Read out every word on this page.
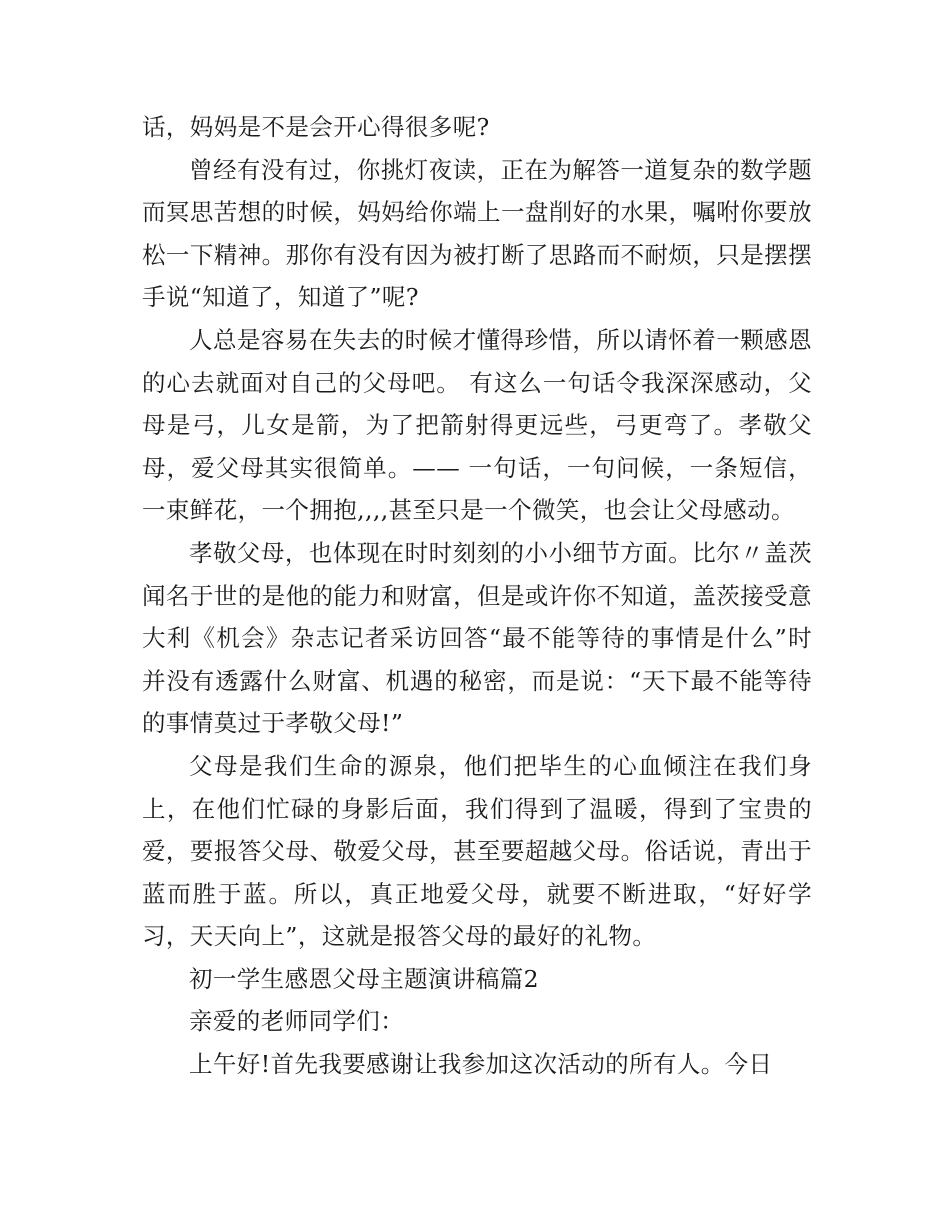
话，妈妈是不是会开心得很多呢?

曾经有没有过，你挑灯夜读，正在为解答一道复杂的数学题而冥思苦想的时候，妈妈给你端上一盘削好的水果，嘱咐你要放松一下精神。那你有没有因为被打断了思路而不耐烦，只是摆摆手说“知道了，知道了”呢?

人总是容易在失去的时候才懂得珍惜，所以请怀着一颗感恩的心去就面对自己的父母吧。 有这么一句话令我深深感动，父母是弓，儿女是箭，为了把箭射得更远些，弓更弯了。孝敬父母，爱父母其实很简单。—— 一句话，一句问候，一条短信，一束鲜花，一个拥抱,,,,甚至只是一个微笑，也会让父母感动。

孝敬父母，也体现在时时刻刻的小小细节方面。比尔〃盖茨闻名于世的是他的能力和财富，但是或许你不知道，盖茨接受意大利《机会》杂志记者采访回答“最不能等待的事情是什么”时并没有透露什么财富、机遇的秘密，而是说：“天下最不能等待的事情莫过于孝敬父母!”

父母是我们生命的源泉，他们把毕生的心血倾注在我们身上，在他们忙碌的身影后面，我们得到了温暖，得到了宝贵的爱，要报答父母、敬爱父母，甚至要超越父母。俗话说，青出于蓝而胜于蓝。所以，真正地爱父母，就要不断进取，“好好学习，天天向上”，这就是报答父母的最好的礼物。

初一学生感恩父母主题演讲稿篇2

亲爱的老师同学们：

上午好!首先我要感谢让我参加这次活动的所有人。今日
